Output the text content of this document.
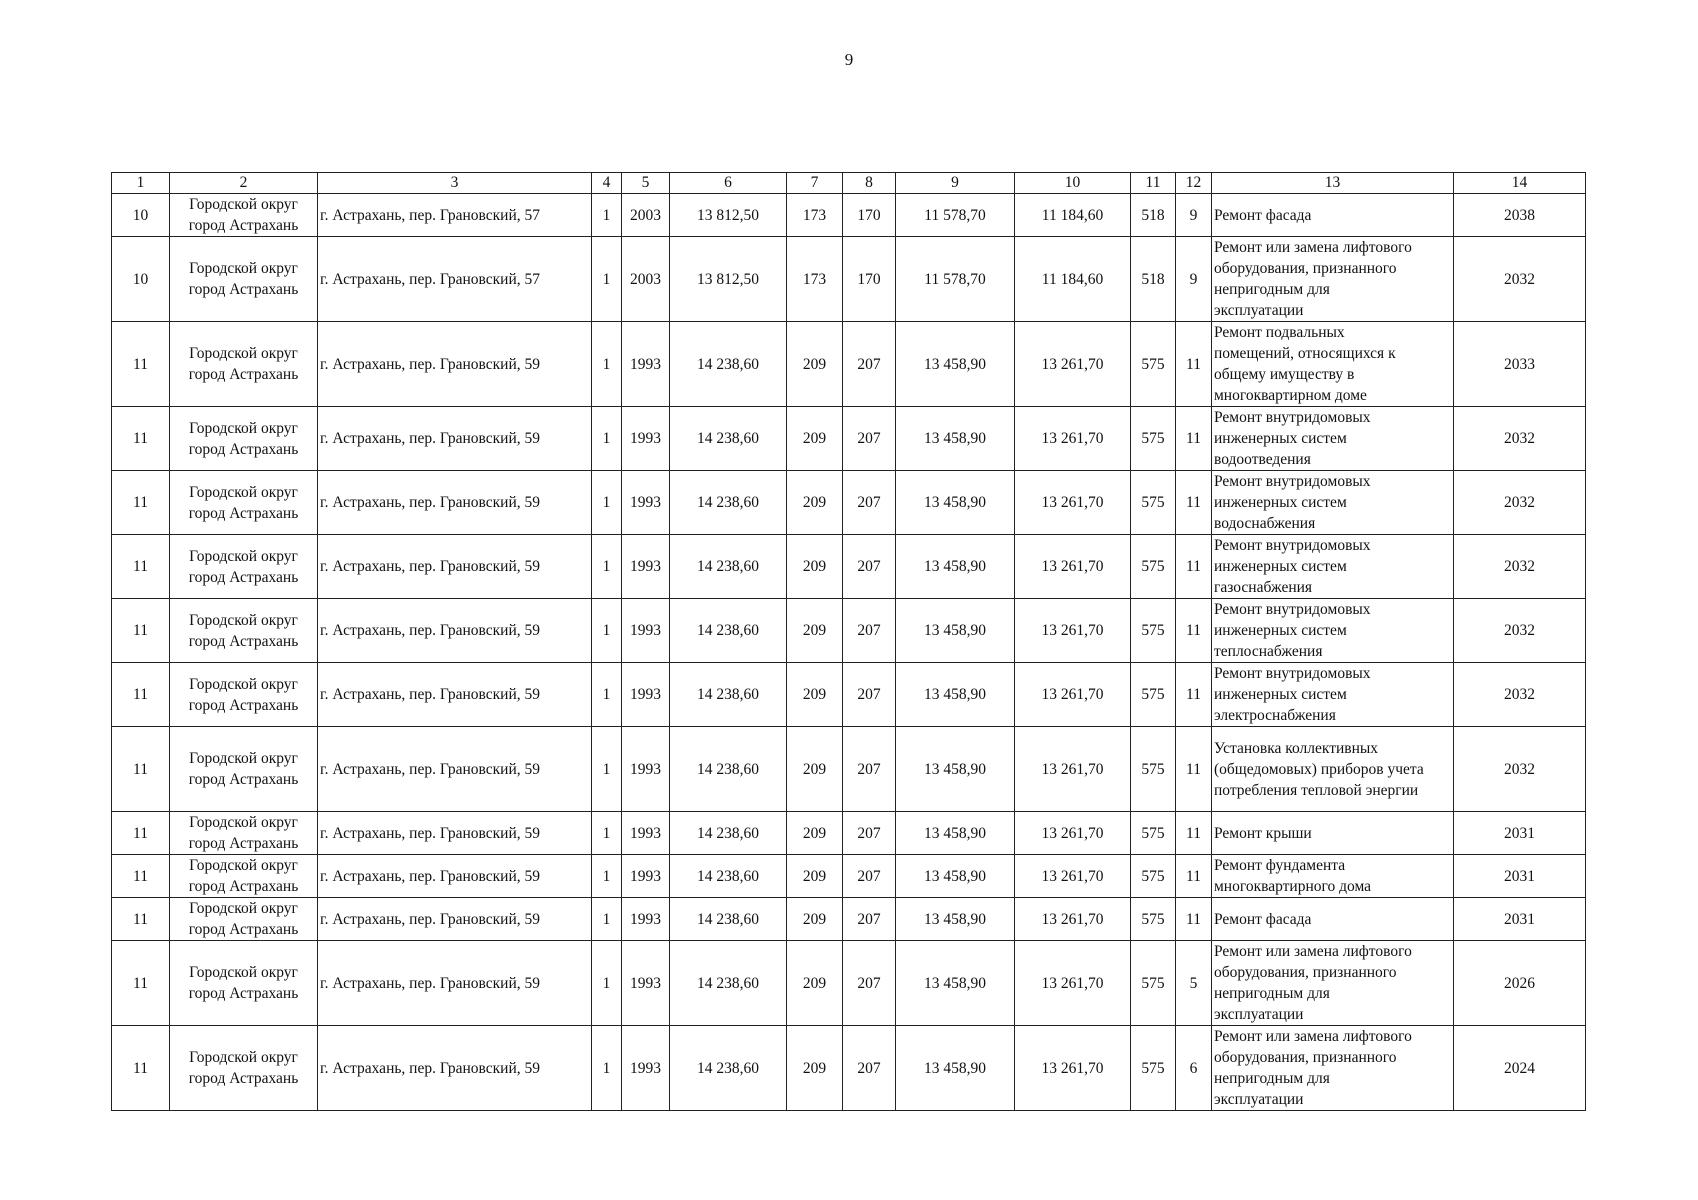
9
1	2	3	4	5	6	7	8	9	10	11	12	13	14
10	Городской округ
город Астрахань	г. Астрахань, пер. Грановский, 57	1	2003	13 812,50	173	170	11 578,70	11 184,60	518	9	Ремонт фасада	2038
10	Городской округ
город Астрахань	г. Астрахань, пер. Грановский, 57	1	2003	13 812,50	173	170	11 578,70	11 184,60	518	9	Ремонт или замена лифтового
оборудования, признанного
непригодным для
эксплуатации	2032
11	Городской округ
город Астрахань	г. Астрахань, пер. Грановский, 59	1	1993	14 238,60	209	207	13 458,90	13 261,70	575	11	Ремонт подвальных
помещений, относящихся к
общему имуществу в
многоквартирном доме	2033
11	Городской округ
город Астрахань	г. Астрахань, пер. Грановский, 59	1	1993	14 238,60	209	207	13 458,90	13 261,70	575	11	Ремонт внутридомовых
инженерных систем
водоотведения	2032
11	Городской округ
город Астрахань	г. Астрахань, пер. Грановский, 59	1	1993	14 238,60	209	207	13 458,90	13 261,70	575	11	Ремонт внутридомовых
инженерных систем
водоснабжения	2032
11	Городской округ
город Астрахань	г. Астрахань, пер. Грановский, 59	1	1993	14 238,60	209	207	13 458,90	13 261,70	575	11	Ремонт внутридомовых
инженерных систем
газоснабжения	2032
11	Городской округ
город Астрахань	г. Астрахань, пер. Грановский, 59	1	1993	14 238,60	209	207	13 458,90	13 261,70	575	11	Ремонт внутридомовых
инженерных систем
теплоснабжения	2032
11	Городской округ
город Астрахань	г. Астрахань, пер. Грановский, 59	1	1993	14 238,60	209	207	13 458,90	13 261,70	575	11	Ремонт внутридомовых
инженерных систем
электроснабжения	2032
11	Городской округ
город Астрахань	г. Астрахань, пер. Грановский, 59	1	1993	14 238,60	209	207	13 458,90	13 261,70	575	11	Установка коллективных
(общедомовых) приборов учета
потребления тепловой энергии	2032
11	Городской округ
город Астрахань	г. Астрахань, пер. Грановский, 59	1	1993	14 238,60	209	207	13 458,90	13 261,70	575	11	Ремонт крыши	2031
11	Городской округ
город Астрахань	г. Астрахань, пер. Грановский, 59	1	1993	14 238,60	209	207	13 458,90	13 261,70	575	11	Ремонт фундамента
многоквартирного дома	2031
11	Городской округ
город Астрахань	г. Астрахань, пер. Грановский, 59	1	1993	14 238,60	209	207	13 458,90	13 261,70	575	11	Ремонт фасада	2031
11	Городской округ
город Астрахань	г. Астрахань, пер. Грановский, 59	1	1993	14 238,60	209	207	13 458,90	13 261,70	575	5	Ремонт или замена лифтового
оборудования, признанного
непригодным для
эксплуатации	2026
11	Городской округ
город Астрахань	г. Астрахань, пер. Грановский, 59	1	1993	14 238,60	209	207	13 458,90	13 261,70	575	6	Ремонт или замена лифтового
оборудования, признанного
непригодным для
эксплуатации	2024
